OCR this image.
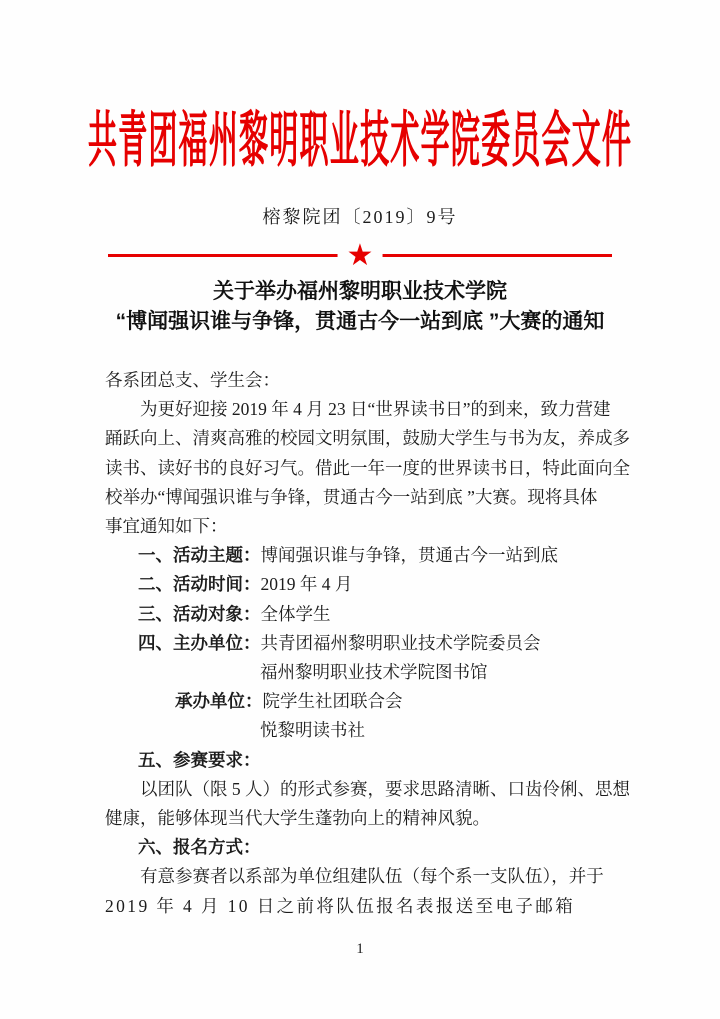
共青团福州黎明职业技术学院委员会文件
榕黎院团〔2019〕9号
★
关于举办福州黎明职业技术学院
“博闻强识谁与争锋，贯通古今一站到底 ”大赛的通知
各系团总支、学生会：
为更好迎接 2019 年 4 月 23 日“世界读书日”的到来，致力营建
踊跃向上、清爽高雅的校园文明氛围，鼓励大学生与书为友，养成多
读书、读好书的良好习气。借此一年一度的世界读书日，特此面向全
校举办“博闻强识谁与争锋，贯通古今一站到底 ”大赛。现将具体
事宜通知如下：
一、活动主题：博闻强识谁与争锋，贯通古今一站到底
二、活动时间：2019 年 4 月
三、活动对象：全体学生
四、主办单位：共青团福州黎明职业技术学院委员会
福州黎明职业技术学院图书馆
承办单位：院学生社团联合会
悦黎明读书社
五、参赛要求：
以团队（限 5 人）的形式参赛，要求思路清晰、口齿伶俐、思想
健康，能够体现当代大学生蓬勃向上的精神风貌。
六、报名方式：
有意参赛者以系部为单位组建队伍（每个系一支队伍），并于
2019 年 4 月 10 日之前将队伍报名表报送至电子邮箱
1
